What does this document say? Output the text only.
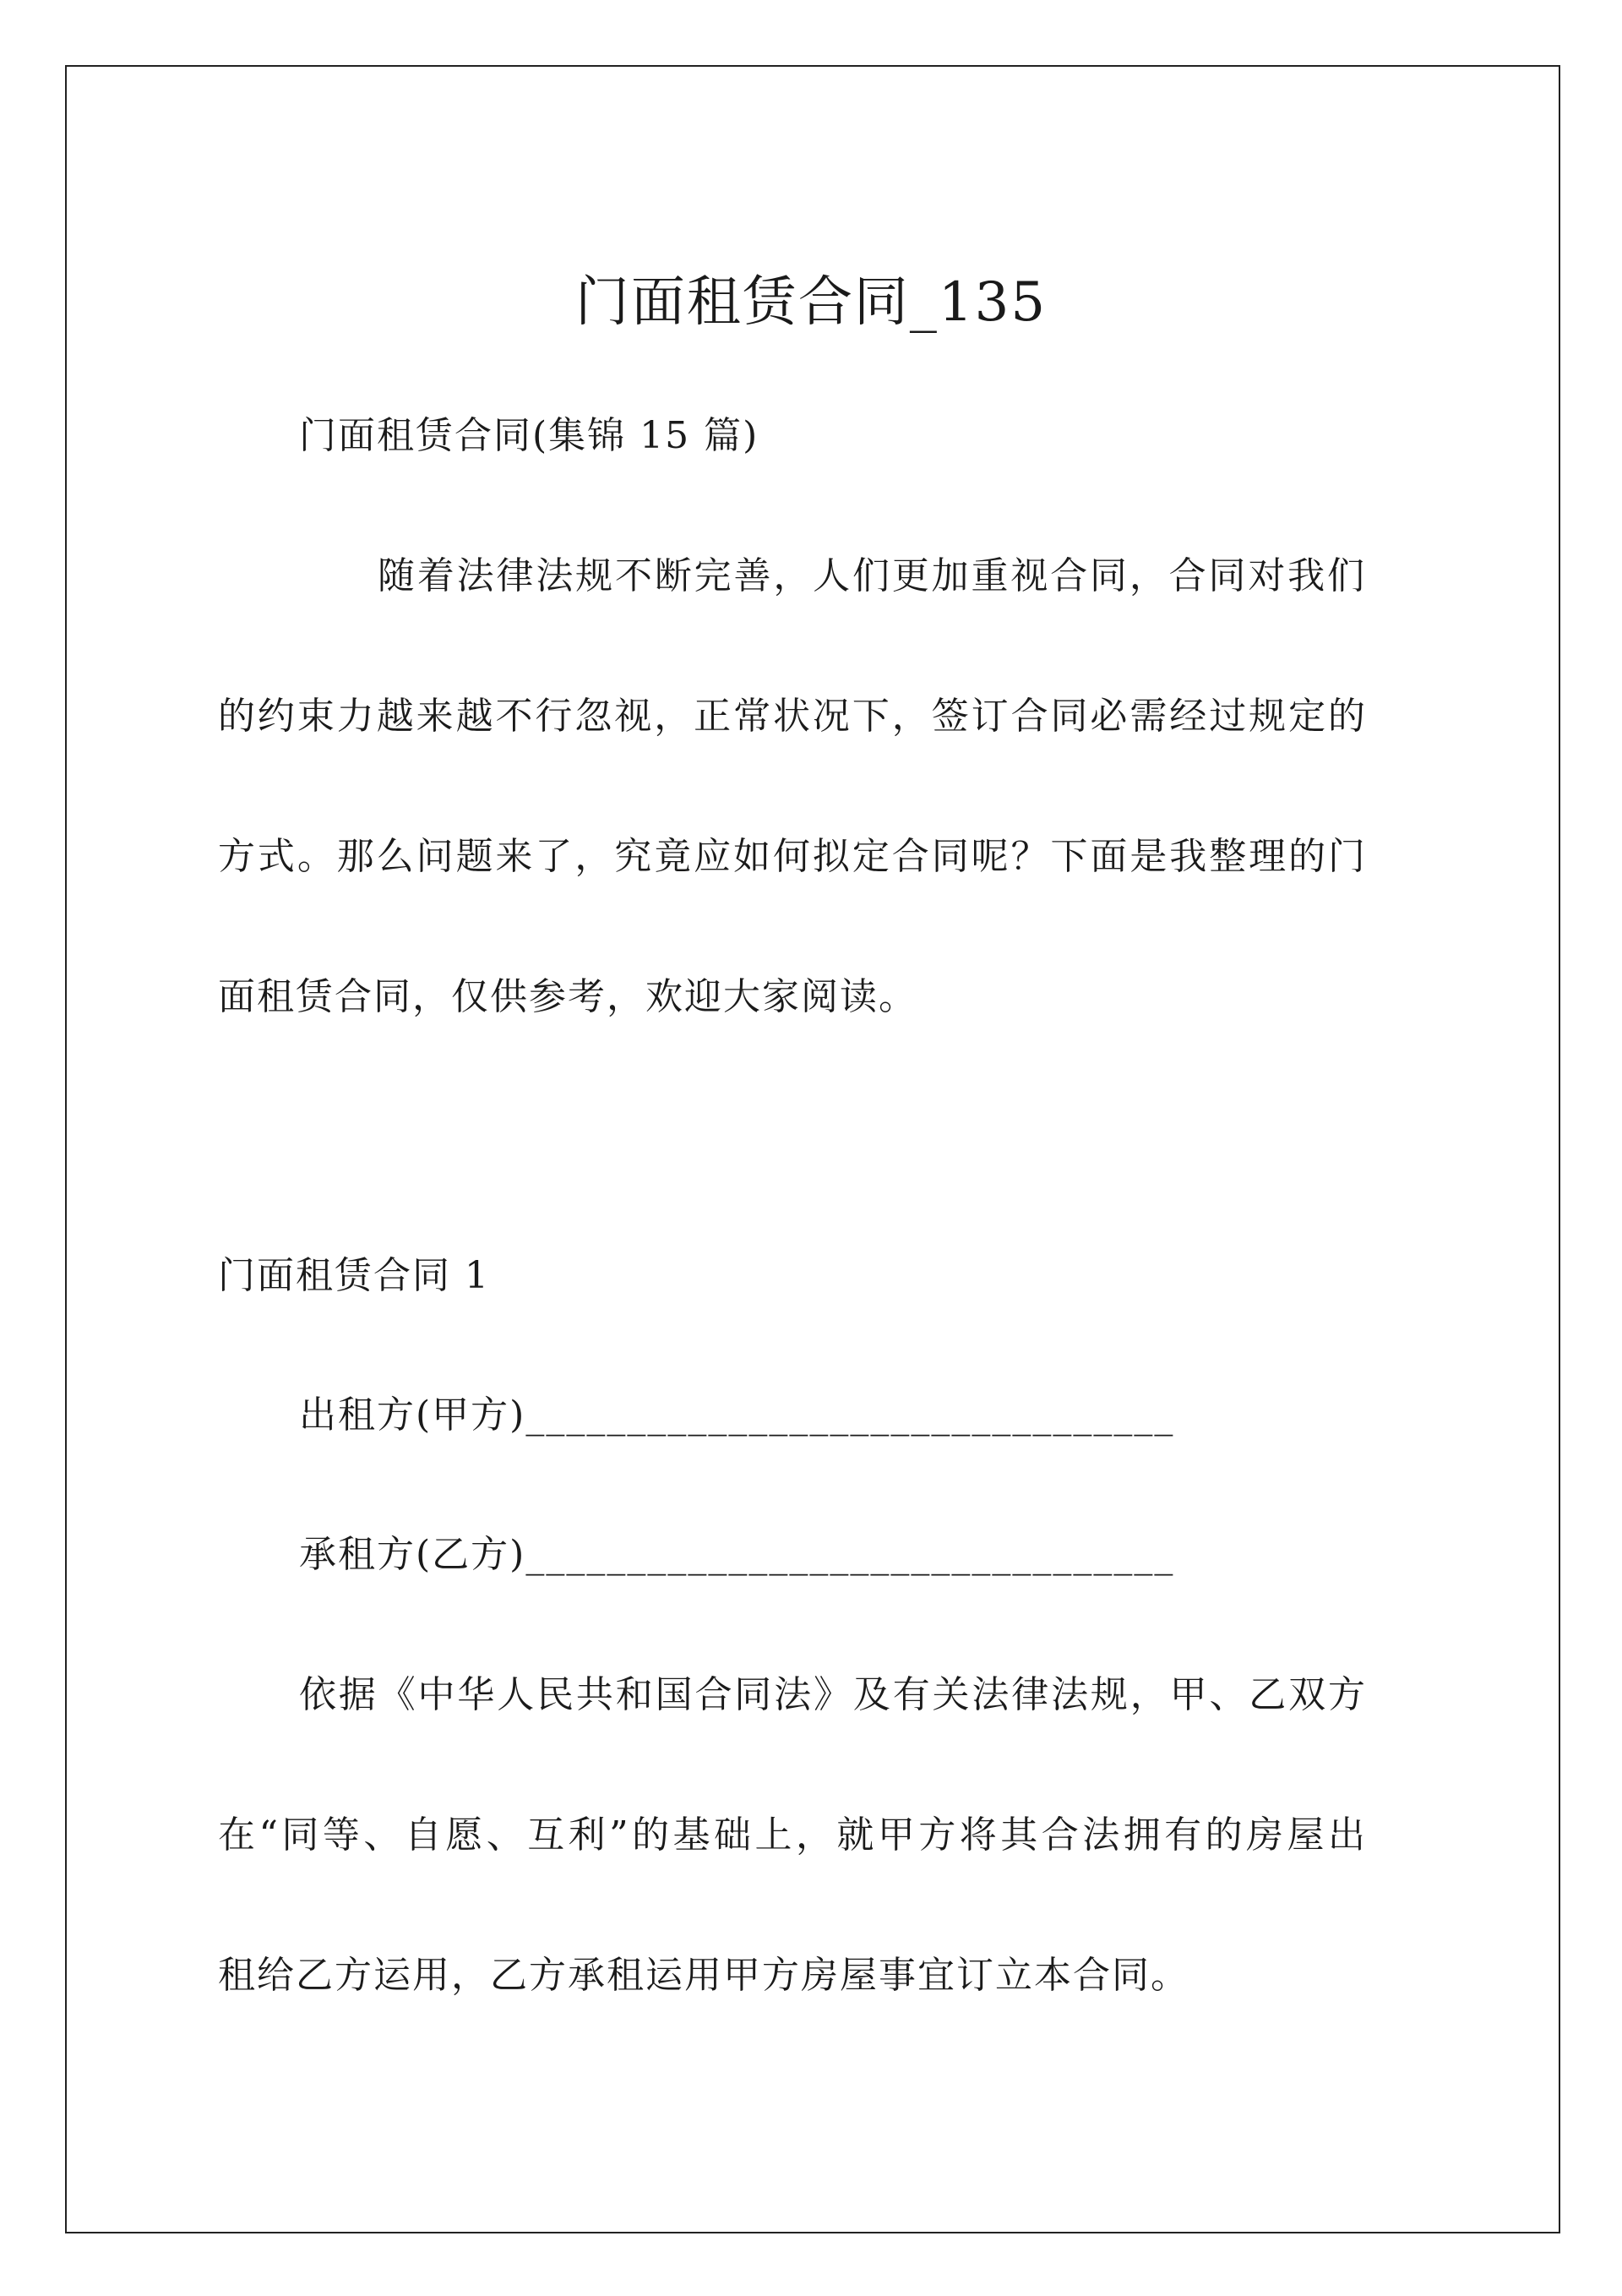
门面租赁合同_135
门面租赁合同(集锦 15 篇)
随着法律法规不断完善，人们更加重视合同，合同对我们
的约束力越来越不行忽视，正常状况下，签订合同必需经过规定的
方式。那么问题来了，究竟应如何拟定合同呢？下面是我整理的门
面租赁合同，仅供参考，欢迎大家阅读。
门面租赁合同 1
出租方(甲方)________________________________
承租方(乙方)________________________________
依据《中华人民共和国合同法》及有关法律法规，甲、乙双方
在“同等、自愿、互利”的基础上，就甲方将其合法拥有的房屋出
租给乙方运用，乙方承租运用甲方房屋事宜订立本合同。
